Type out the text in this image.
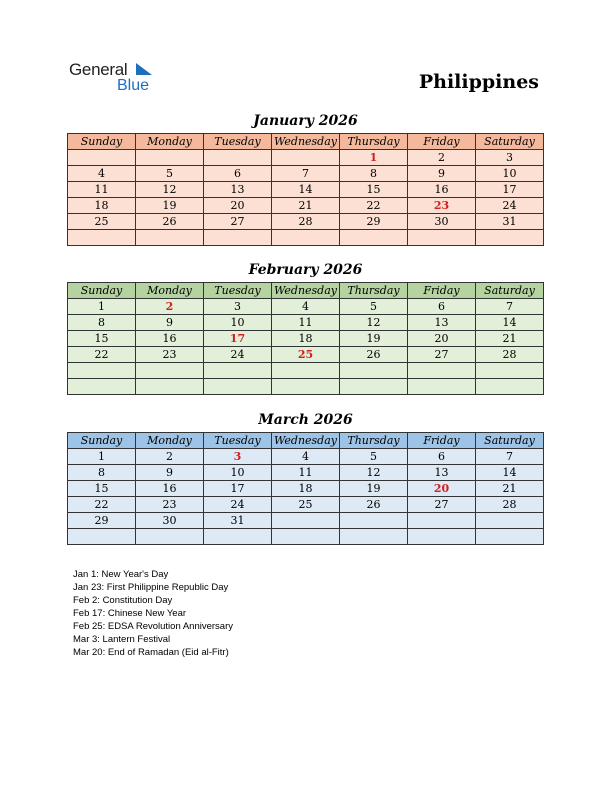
General
Blue	Philippines
January 2026
Sunday	Monday	Tuesday	Wednesday	Thursday	Friday	Saturday
				1	2	3
4	5	6	7	8	9	10
11	12	13	14	15	16	17
18	19	20	21	22	23	24
25	26	27	28	29	30	31

February 2026
Sunday	Monday	Tuesday	Wednesday	Thursday	Friday	Saturday
1	2	3	4	5	6	7
8	9	10	11	12	13	14
15	16	17	18	19	20	21
22	23	24	25	26	27	28

March 2026
Sunday	Monday	Tuesday	Wednesday	Thursday	Friday	Saturday
1	2	3	4	5	6	7
8	9	10	11	12	13	14
15	16	17	18	19	20	21
22	23	24	25	26	27	28
29	30	31				

Jan 1: New Year's Day
Jan 23: First Philippine Republic Day
Feb 2: Constitution Day
Feb 17: Chinese New Year
Feb 25: EDSA Revolution Anniversary
Mar 3: Lantern Festival
Mar 20: End of Ramadan (Eid al-Fitr)
